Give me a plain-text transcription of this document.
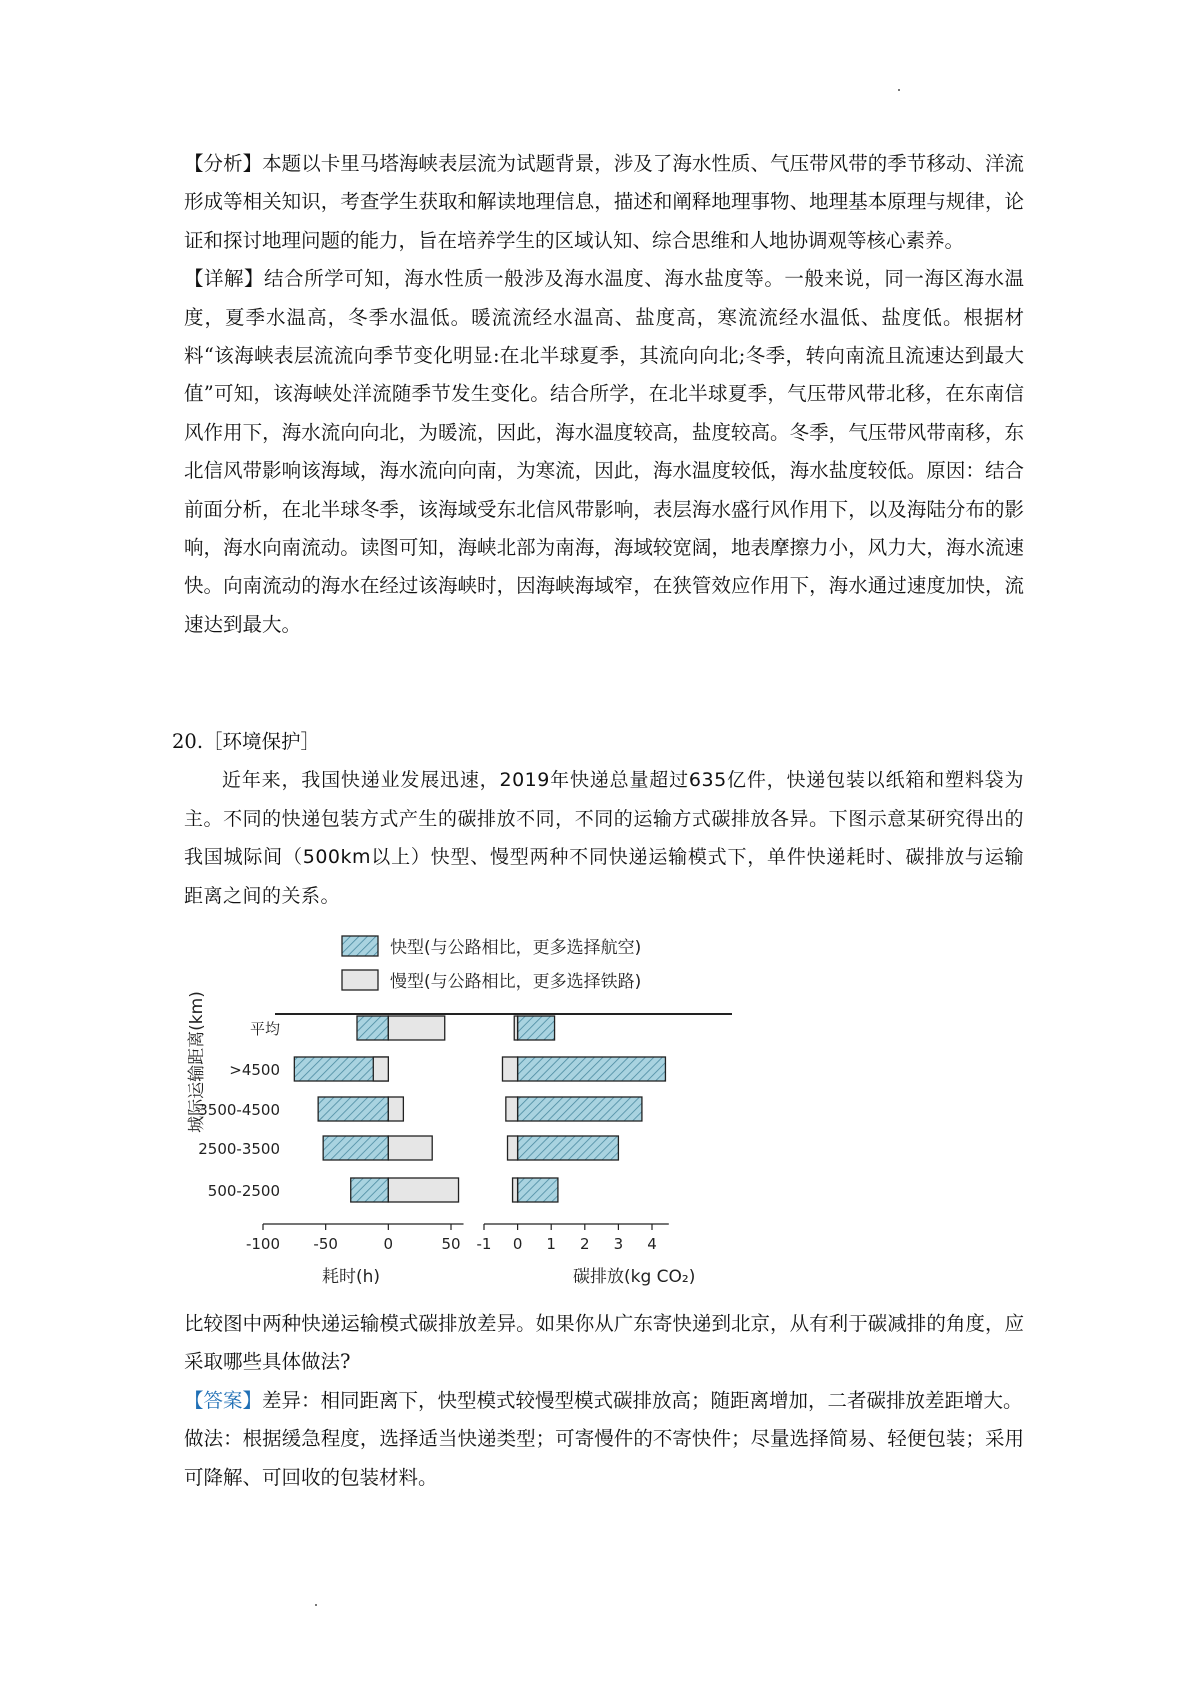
【分析】本题以卡里马塔海峡表层流为试题背景，涉及了海水性质、气压带风带的季节移动、洋流形成等相关知识，考查学生获取和解读地理信息，描述和阐释地理事物、地理基本原理与规律，论证和探讨地理问题的能力，旨在培养学生的区域认知、综合思维和人地协调观等核心素养。

【详解】结合所学可知，海水性质一般涉及海水温度、海水盐度等。一般来说，同一海区海水温度，夏季水温高，冬季水温低。暖流流经水温高、盐度高，寒流流经水温低、盐度低。根据材料“该海峡表层流流向季节变化明显:在北半球夏季，其流向向北;冬季，转向南流且流速达到最大值”可知，该海峡处洋流随季节发生变化。结合所学，在北半球夏季，气压带风带北移，在东南信风作用下，海水流向向北，为暖流，因此，海水温度较高，盐度较高。冬季，气压带风带南移，东北信风带影响该海域，海水流向向南，为寒流，因此，海水温度较低，海水盐度较低。原因：结合前面分析，在北半球冬季，该海域受东北信风带影响，表层海水盛行风作用下，以及海陆分布的影响，海水向南流动。读图可知，海峡北部为南海，海域较宽阔，地表摩擦力小，风力大，海水流速快。向南流动的海水在经过该海峡时，因海峡海域窄，在狭管效应作用下，海水通过速度加快，流速达到最大。

20.［环境保护］

近年来，我国快递业发展迅速，2019年快递总量超过635亿件，快递包装以纸箱和塑料袋为主。不同的快递包装方式产生的碳排放不同，不同的运输方式碳排放各异。下图示意某研究得出的我国城际间（500km以上）快型、慢型两种不同快递运输模式下，单件快递耗时、碳排放与运输距离之间的关系。

快型(与公路相比，更多选择航空)
慢型(与公路相比，更多选择铁路)
城际运输距离(km)
-100 -50	0	50 -1 0 1 2 3 4
平均
>4500
3500-4500
2500-3500
500-2500
耗时(h)	碳排放(kg CO₂)

比较图中两种快递运输模式碳排放差异。如果你从广东寄快递到北京，从有利于碳减排的角度，应采取哪些具体做法?

【答案】差异：相同距离下，快型模式较慢型模式碳排放高；随距离增加，二者碳排放差距增大。

做法：根据缓急程度，选择适当快递类型；可寄慢件的不寄快件；尽量选择简易、轻便包装；采用可降解、可回收的包装材料。
